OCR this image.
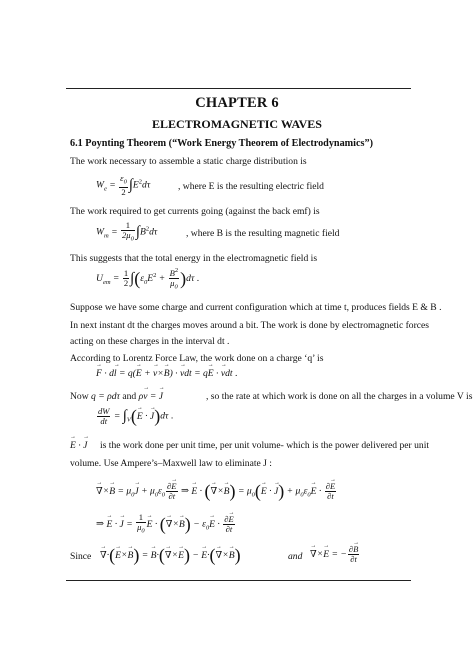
CHAPTER 6
ELECTROMAGNETIC WAVES
6.1 Poynting Theorem (“Work Energy Theorem of Electrodynamics”)
The work necessary to assemble a static charge distribution is
$W_e = \frac{\varepsilon_0}{2} \int E^2d\tau$	, where E is the resulting electric field
The work required to get currents going (against the back emf) is
$W_m = \frac{1}{2\mu_0} \int B^2d\tau$	, where B is the resulting magnetic field
This suggests that the total energy in the electromagnetic field is
$U_{em} = \frac{1}{2} \int(\varepsilon_0E^2 + \frac{B^2}{\mu_0} )d\tau$ .
Suppose we have some charge and current configuration which at time t, produces fields E & B .
In next instant dt the charges moves around a bit. The work is done by electromagnetic forces
acting on these charges in the interval dt .
According to Lorentz Force Law, the work done on a charge ‘q’ is
→ F · d→ l = q(→ E + → v×→ B) · → vdt = q→ E · → vdt .
Now q = ρdτ and ρ→ v = → J	, so the rate at which work is done on all the charges in a volume V is
$\frac{dW}{dt} = \int_V(\to E$ · → J)dτ .
→ E · → J is the work done per unit time, per unit volume- which is the power delivered per unit
volume. Use Ampere’s–Maxwell law to eliminate J :
→ ∇×→ $B = \mu_0\to J + \mu_0\varepsilon_0 \frac{\partial\to E}{\partial t}$ ⇒ → E · (→ ∇×→ $B) = \mu_0(\to E$ · → $J) + \mu_0\varepsilon_0\to E \cdot \frac{\partial\to E}{\partial t}$
⇒ → E · → $J = \frac{1}{\mu_0}$
→ E · (→ ∇×→ $B) - \varepsilon_0\to E \cdot \frac{\partial\to E}{\partial t}$
Since
→ ∇·(→ E×→ B) = → B·(→ ∇×→ E) − → E·(→ ∇×→ B)	and
→ ∇×→ E = − $\frac{\partial\to B}{\partial t}$
